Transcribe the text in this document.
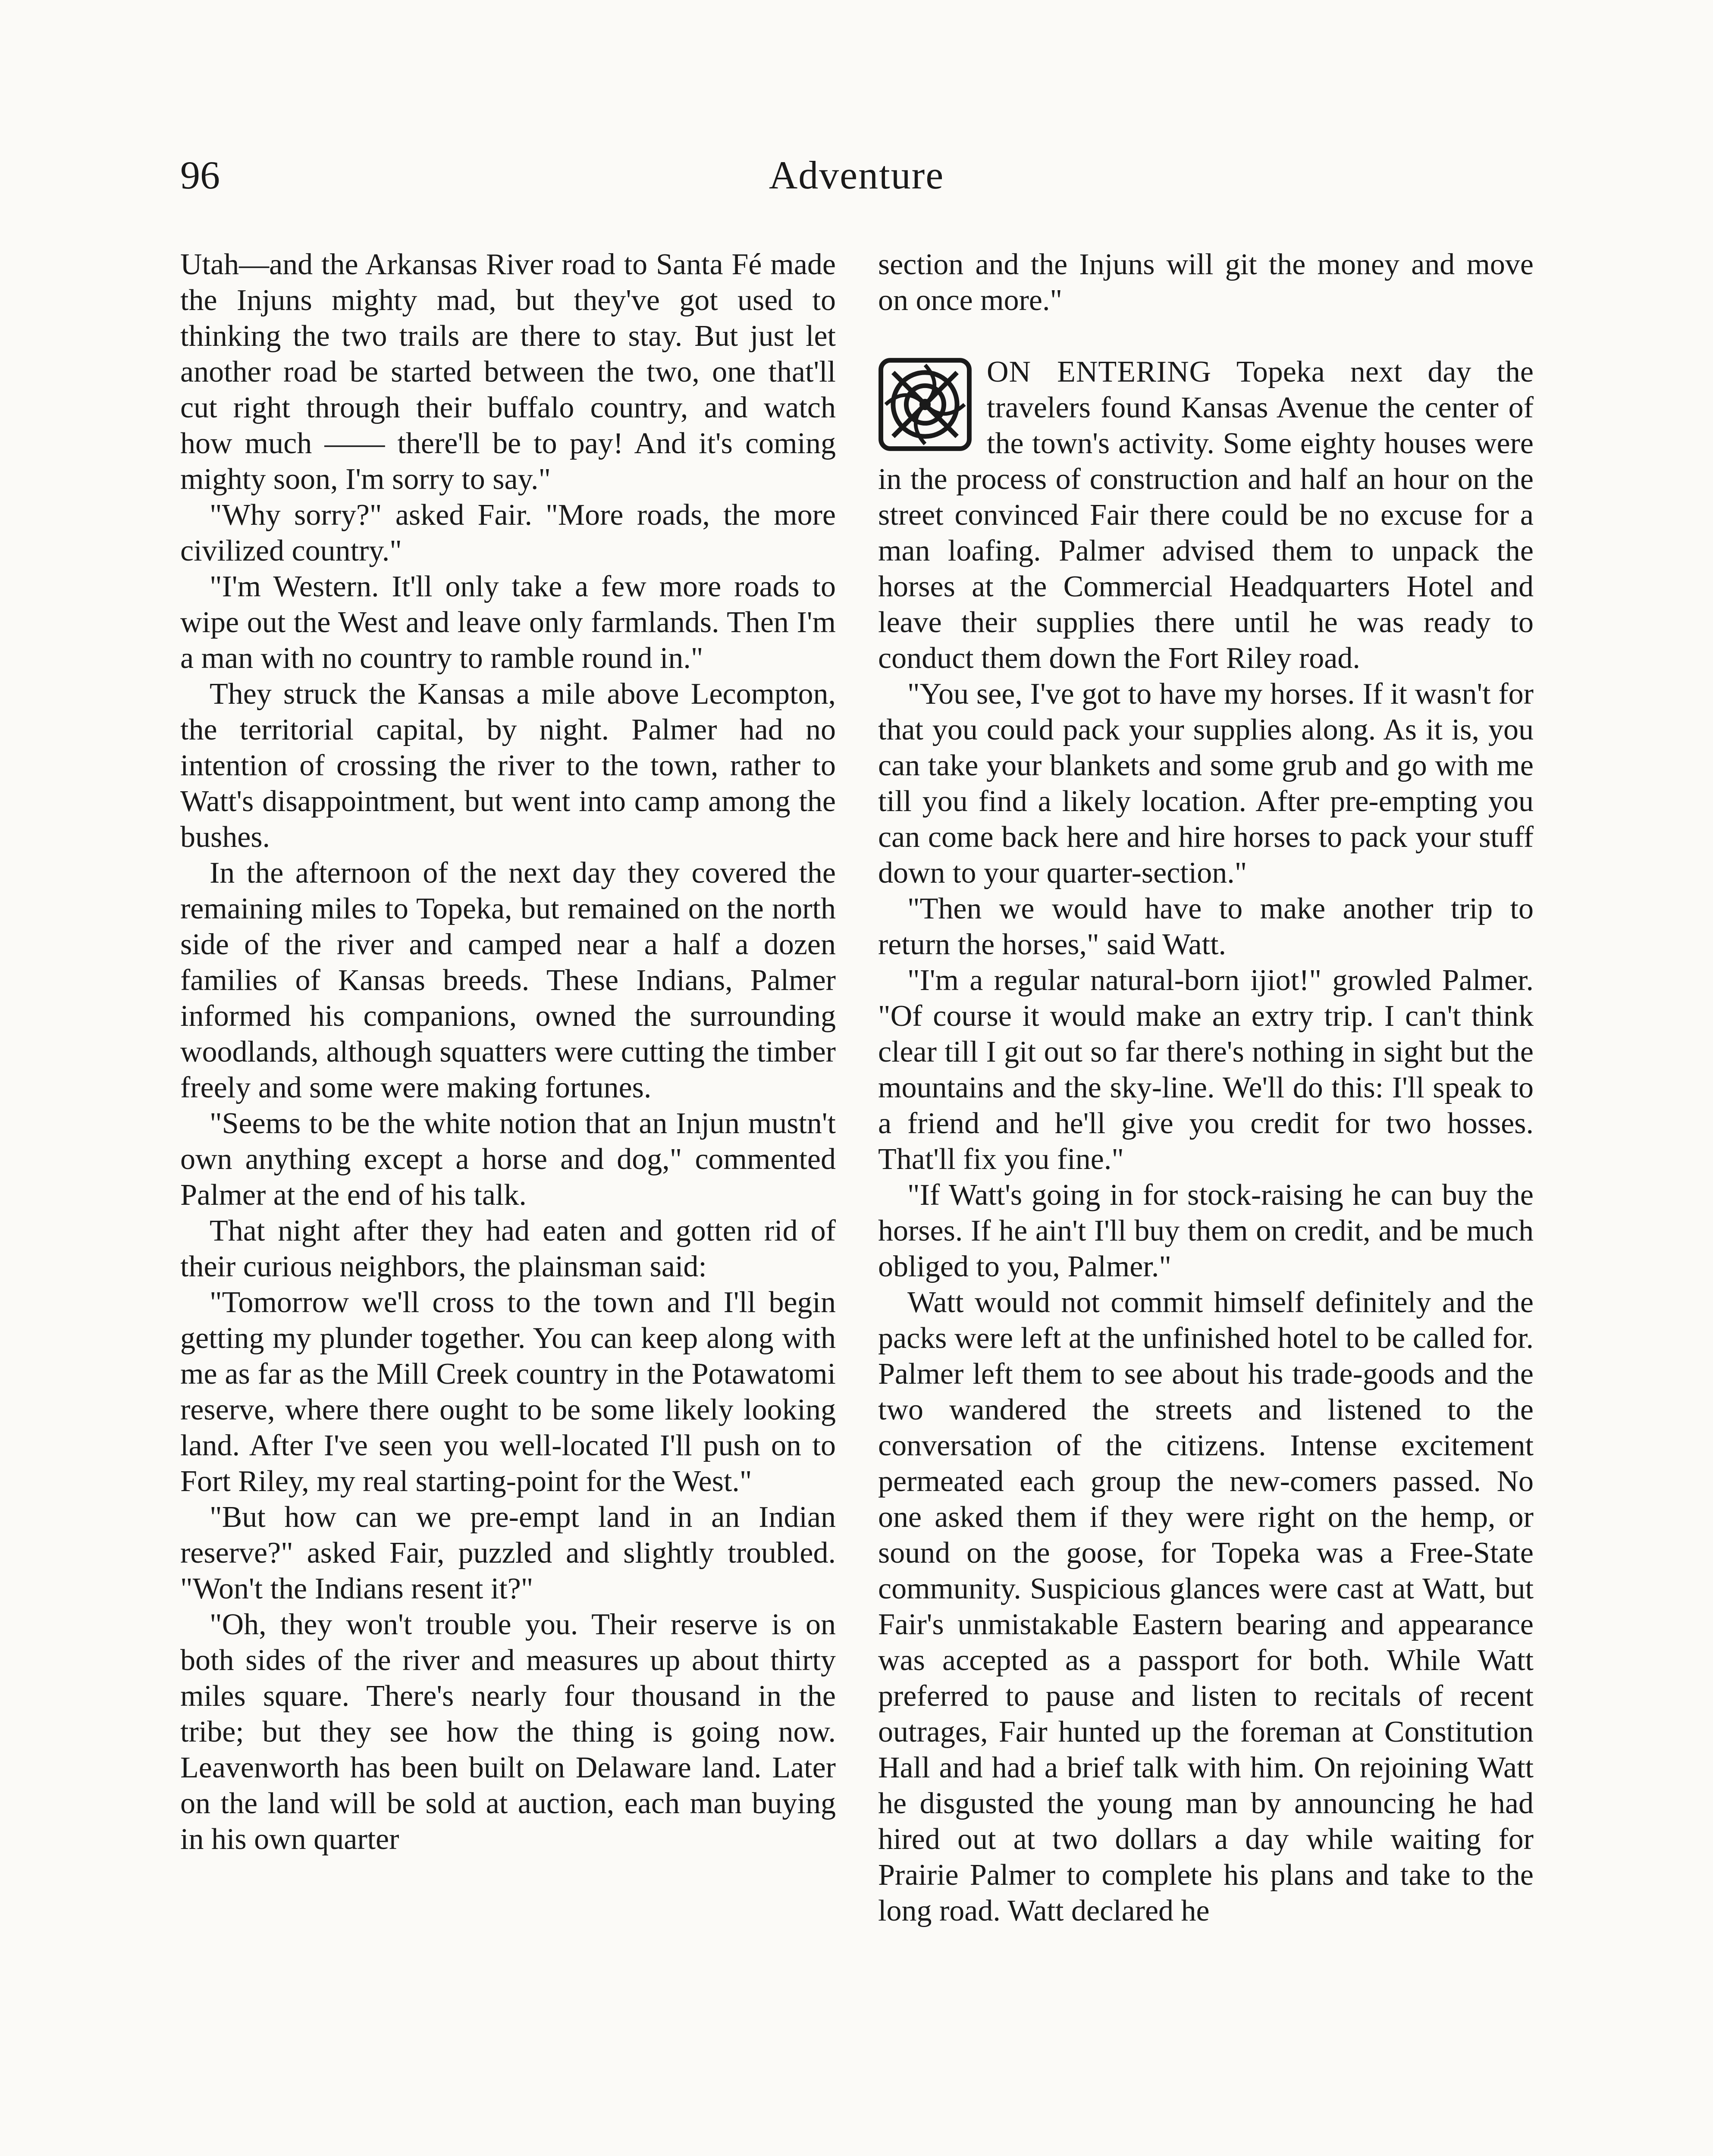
96	Adventure

Utah—and the Arkansas River road to Santa Fé made the Injuns mighty mad, but they've got used to thinking the two trails are there to stay. But just let another road be started between the two, one that'll cut right through their buffalo country, and watch how much —— there'll be to pay! And it's coming mighty soon, I'm sorry to say."

"Why sorry?" asked Fair. "More roads, the more civilized country."

"I'm Western. It'll only take a few more roads to wipe out the West and leave only farmlands. Then I'm a man with no country to ramble round in."

They struck the Kansas a mile above Lecompton, the territorial capital, by night. Palmer had no intention of crossing the river to the town, rather to Watt's disappointment, but went into camp among the bushes.

In the afternoon of the next day they covered the remaining miles to Topeka, but remained on the north side of the river and camped near a half a dozen families of Kansas breeds. These Indians, Palmer informed his companions, owned the surrounding woodlands, although squatters were cutting the timber freely and some were making fortunes.

"Seems to be the white notion that an Injun mustn't own anything except a horse and dog," commented Palmer at the end of his talk.

That night after they had eaten and gotten rid of their curious neighbors, the plainsman said:

"Tomorrow we'll cross to the town and I'll begin getting my plunder together. You can keep along with me as far as the Mill Creek country in the Potawatomi reserve, where there ought to be some likely looking land. After I've seen you well-located I'll push on to Fort Riley, my real starting-point for the West."

"But how can we pre-empt land in an Indian reserve?" asked Fair, puzzled and slightly troubled. "Won't the Indians resent it?"

"Oh, they won't trouble you. Their reserve is on both sides of the river and measures up about thirty miles square. There's nearly four thousand in the tribe; but they see how the thing is going now. Leavenworth has been built on Delaware land. Later on the land will be sold at auction, each man buying in his own quarter

section and the Injuns will git the money and move on once more."

ON ENTERING Topeka next day the travelers found Kansas Avenue the center of the town's activity. Some eighty houses were in the process of construction and half an hour on the street convinced Fair there could be no excuse for a man loafing. Palmer advised them to unpack the horses at the Commercial Headquarters Hotel and leave their supplies there until he was ready to conduct them down the Fort Riley road.

"You see, I've got to have my horses. If it wasn't for that you could pack your supplies along. As it is, you can take your blankets and some grub and go with me till you find a likely location. After pre-empting you can come back here and hire horses to pack your stuff down to your quarter-section."

"Then we would have to make another trip to return the horses," said Watt.

"I'm a regular natural-born ijiot!" growled Palmer. "Of course it would make an extry trip. I can't think clear till I git out so far there's nothing in sight but the mountains and the sky-line. We'll do this: I'll speak to a friend and he'll give you credit for two hosses. That'll fix you fine."

"If Watt's going in for stock-raising he can buy the horses. If he ain't I'll buy them on credit, and be much obliged to you, Palmer."

Watt would not commit himself definitely and the packs were left at the unfinished hotel to be called for. Palmer left them to see about his trade-goods and the two wandered the streets and listened to the conversation of the citizens. Intense excitement permeated each group the new-comers passed. No one asked them if they were right on the hemp, or sound on the goose, for Topeka was a Free-State community. Suspicious glances were cast at Watt, but Fair's unmistakable Eastern bearing and appearance was accepted as a passport for both. While Watt preferred to pause and listen to recitals of recent outrages, Fair hunted up the foreman at Constitution Hall and had a brief talk with him. On rejoining Watt he disgusted the young man by announcing he had hired out at two dollars a day while waiting for Prairie Palmer to complete his plans and take to the long road. Watt declared he
